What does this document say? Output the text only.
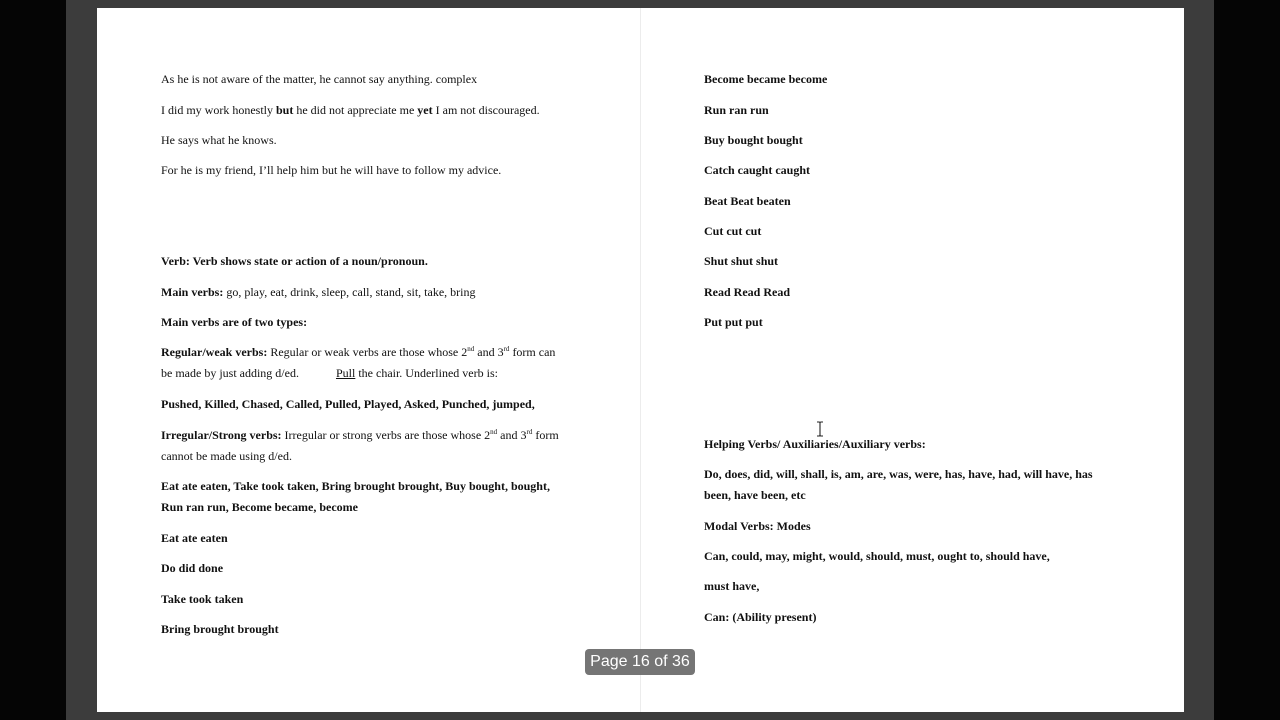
As he is not aware of the matter, he cannot say anything. complex
I did my work honestly but he did not appreciate me yet I am not discouraged.
He says what he knows.
For he is my friend, I’ll help him but he will have to follow my advice.
Verb: Verb shows state or action of a noun/pronoun.
Main verbs: go, play, eat, drink, sleep, call, stand, sit, take, bring
Main verbs are of two types:
Regular/weak verbs: Regular or weak verbs are those whose 2nd and 3rd form can
be made by just adding d/ed.	Pull the chair. Underlined verb is:
Pushed, Killed, Chased, Called, Pulled, Played, Asked, Punched, jumped,
Irregular/Strong verbs: Irregular or strong verbs are those whose 2nd and 3rd form
cannot be made using d/ed.
Eat ate eaten, Take took taken, Bring brought brought, Buy bought, bought,
Run ran run, Become became, become
Eat ate eaten
Do did done
Take took taken
Bring brought brought
Become became become
Run ran run
Buy bought bought
Catch caught caught
Beat Beat beaten
Cut cut cut
Shut shut shut
Read Read Read
Put put put
Helping Verbs/ Auxiliaries/Auxiliary verbs:
Do, does, did, will, shall, is, am, are, was, were, has, have, had, will have, has
been, have been, etc
Modal Verbs: Modes
Can, could, may, might, would, should, must, ought to, should have,
must have,
Can: (Ability present)
Page 16 of 36
